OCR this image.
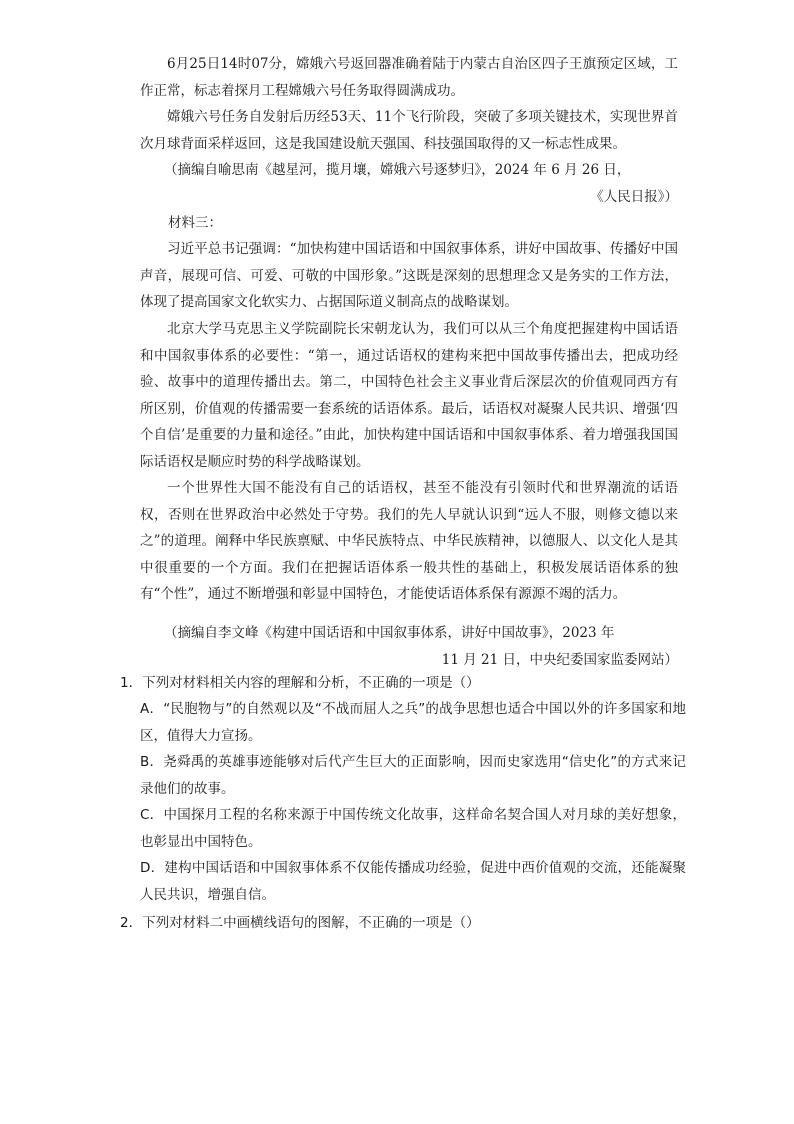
6月25日14时07分，嫦娥六号返回器准确着陆于内蒙古自治区四子王旗预定区域，工作正常，标志着探月工程嫦娥六号任务取得圆满成功。

嫦娥六号任务自发射后历经53天、11个飞行阶段，突破了多项关键技术，实现世界首次月球背面采样返回，这是我国建设航天强国、科技强国取得的又一标志性成果。

（摘编自喻思南《越星河，揽月壤，嫦娥六号逐梦归》，2024 年 6 月 26 日，
《人民日报》）
材料三：

习近平总书记强调：“加快构建中国话语和中国叙事体系，讲好中国故事、传播好中国声音，展现可信、可爱、可敬的中国形象。”这既是深刻的思想理念又是务实的工作方法，体现了提高国家文化软实力、占据国际道义制高点的战略谋划。

北京大学马克思主义学院副院长宋朝龙认为，我们可以从三个角度把握建构中国话语和中国叙事体系的必要性：“第一，通过话语权的建构来把中国故事传播出去，把成功经验、故事中的道理传播出去。第二，中国特色社会主义事业背后深层次的价值观同西方有所区别，价值观的传播需要一套系统的话语体系。最后，话语权对凝聚人民共识、增强‘四个自信’是重要的力量和途径。”由此，加快构建中国话语和中国叙事体系、着力增强我国国际话语权是顺应时势的科学战略谋划。

一个世界性大国不能没有自己的话语权，甚至不能没有引领时代和世界潮流的话语权，否则在世界政治中必然处于守势。我们的先人早就认识到“远人不服，则修文德以来之”的道理。阐释中华民族禀赋、中华民族特点、中华民族精神，以德服人、以文化人是其中很重要的一个方面。我们在把握话语体系一般共性的基础上，积极发展话语体系的独有“个性”，通过不断增强和彰显中国特色，才能使话语体系保有源源不竭的活力。

（摘编自李文峰《构建中国话语和中国叙事体系，讲好中国故事》，2023 年
11 月 21 日，中央纪委国家监委网站）
1．下列对材料相关内容的理解和分析，不正确的一项是（）
A．“民胞物与”的自然观以及“不战而屈人之兵”的战争思想也适合中国以外的许多国家和地区，值得大力宣扬。
B．尧舜禹的英雄事迹能够对后代产生巨大的正面影响，因而史家选用“信史化”的方式来记录他们的故事。
C．中国探月工程的名称来源于中国传统文化故事，这样命名契合国人对月球的美好想象，也彰显出中国特色。
D．建构中国话语和中国叙事体系不仅能传播成功经验，促进中西价值观的交流，还能凝聚人民共识，增强自信。
2．下列对材料二中画横线语句的图解，不正确的一项是（）
